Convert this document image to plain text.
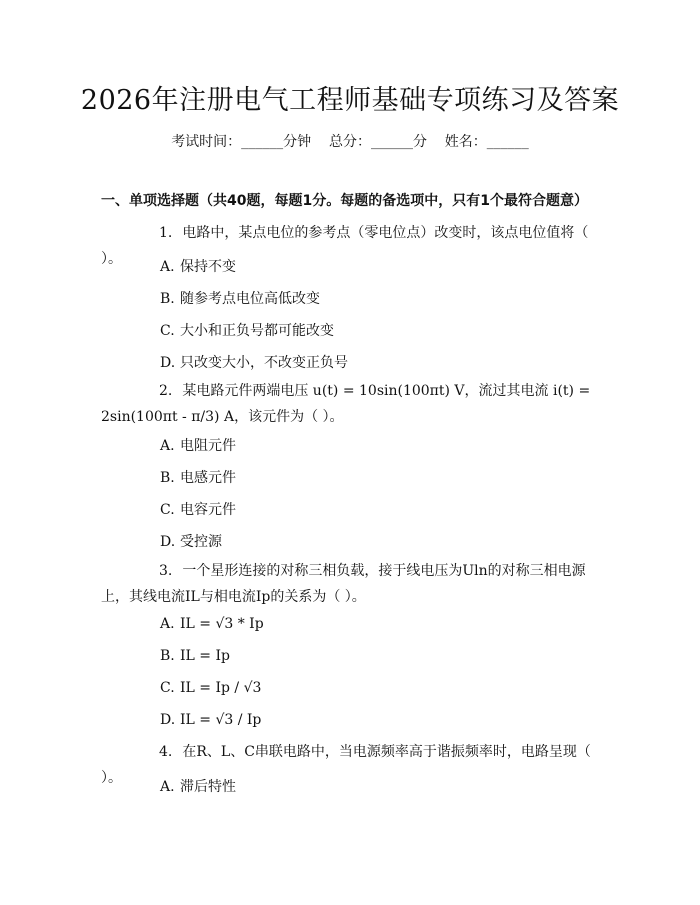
2026年注册电气工程师基础专项练习及答案
考试时间：______分钟    总分：______分    姓名：______
一、单项选择题（共40题，每题1分。每题的备选项中，只有1个最符合题意）
1. 电路中，某点电位的参考点（零电位点）改变时，该点电位值将（ ）。	A. 保持不变
B. 随参考点电位高低改变
C. 大小和正负号都可能改变
D. 只改变大小，不改变正负号
2. 某电路元件两端电压 u(t) = 10sin(100πt) V，流过其电流 i(t) = 2sin(100πt - π/3) A，该元件为（ ）。
A. 电阻元件
B. 电感元件
C. 电容元件
D. 受控源
3. 一个星形连接的对称三相负载，接于线电压为Uln的对称三相电源上，其线电流IL与相电流Ip的关系为（ ）。
A. IL = √3 * Ip
B. IL = Ip
C. IL = Ip / √3
D. IL = √3 / Ip
4. 在R、L、C串联电路中，当电源频率高于谐振频率时，电路呈现（ ）。
A. 滞后特性
